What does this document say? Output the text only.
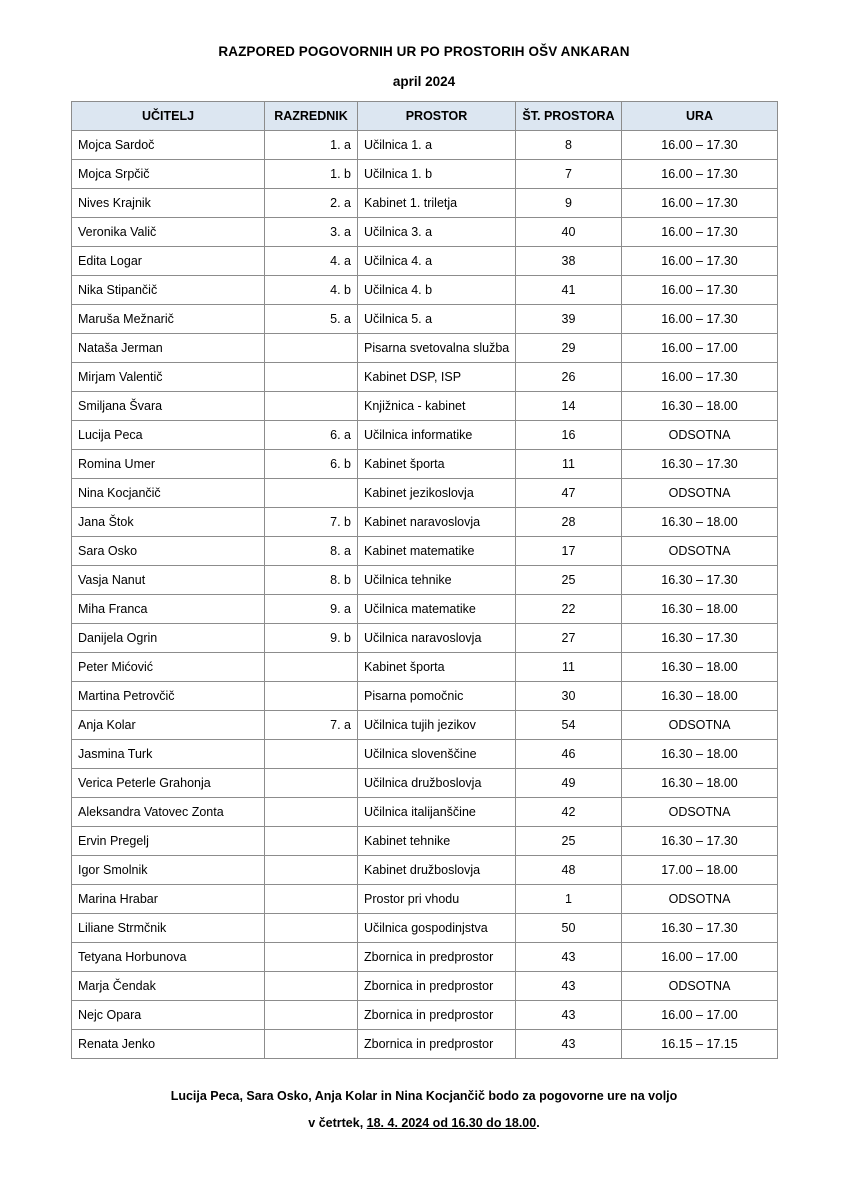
RAZPORED POGOVORNIH UR PO PROSTORIH OŠV ANKARAN
april 2024
UČITELJ	RAZREDNIK	PROSTOR	ŠT. PROSTORA	URA
Mojca Sardoč	1. a	Učilnica 1. a	8	16.00 – 17.30
Mojca Srpčič	1. b	Učilnica 1. b	7	16.00 – 17.30
Nives Krajnik	2. a	Kabinet 1. triletja	9	16.00 – 17.30
Veronika Valič	3. a	Učilnica 3. a	40	16.00 – 17.30
Edita Logar	4. a	Učilnica 4. a	38	16.00 – 17.30
Nika Stipančič	4. b	Učilnica 4. b	41	16.00 – 17.30
Maruša Mežnarič	5. a	Učilnica 5. a	39	16.00 – 17.30
Nataša Jerman		Pisarna svetovalna služba	29	16.00 – 17.00
Mirjam Valentič		Kabinet DSP, ISP	26	16.00 – 17.30
Smiljana Švara		Knjižnica - kabinet	14	16.30 – 18.00
Lucija Peca	6. a	Učilnica informatike	16	ODSOTNA
Romina Umer	6. b	Kabinet športa	11	16.30 – 17.30
Nina Kocjančič		Kabinet jezikoslovja	47	ODSOTNA
Jana Štok	7. b	Kabinet naravoslovja	28	16.30 – 18.00
Sara Osko	8. a	Kabinet matematike	17	ODSOTNA
Vasja Nanut	8. b	Učilnica tehnike	25	16.30 – 17.30
Miha Franca	9. a	Učilnica matematike	22	16.30 – 18.00
Danijela Ogrin	9. b	Učilnica naravoslovja	27	16.30 – 17.30
Peter Mićović		Kabinet športa	11	16.30 – 18.00
Martina Petrovčič		Pisarna pomočnic	30	16.30 – 18.00
Anja Kolar	7. a	Učilnica tujih jezikov	54	ODSOTNA
Jasmina Turk		Učilnica slovenščine	46	16.30 – 18.00
Verica Peterle Grahonja		Učilnica družboslovja	49	16.30 – 18.00
Aleksandra Vatovec Zonta		Učilnica italijanščine	42	ODSOTNA
Ervin Pregelj		Kabinet tehnike	25	16.30 – 17.30
Igor Smolnik		Kabinet družboslovja	48	17.00 – 18.00
Marina Hrabar		Prostor pri vhodu	1	ODSOTNA
Liliane Strmčnik		Učilnica gospodinjstva	50	16.30 – 17.30
Tetyana Horbunova		Zbornica in predprostor	43	16.00 – 17.00
Marja Čendak		Zbornica in predprostor	43	ODSOTNA
Nejc Opara		Zbornica in predprostor	43	16.00 – 17.00
Renata Jenko		Zbornica in predprostor	43	16.15 – 17.15
Lucija Peca, Sara Osko, Anja Kolar in Nina Kocjančič bodo za pogovorne ure na voljo
v četrtek, 18. 4. 2024 od 16.30 do 18.00.
